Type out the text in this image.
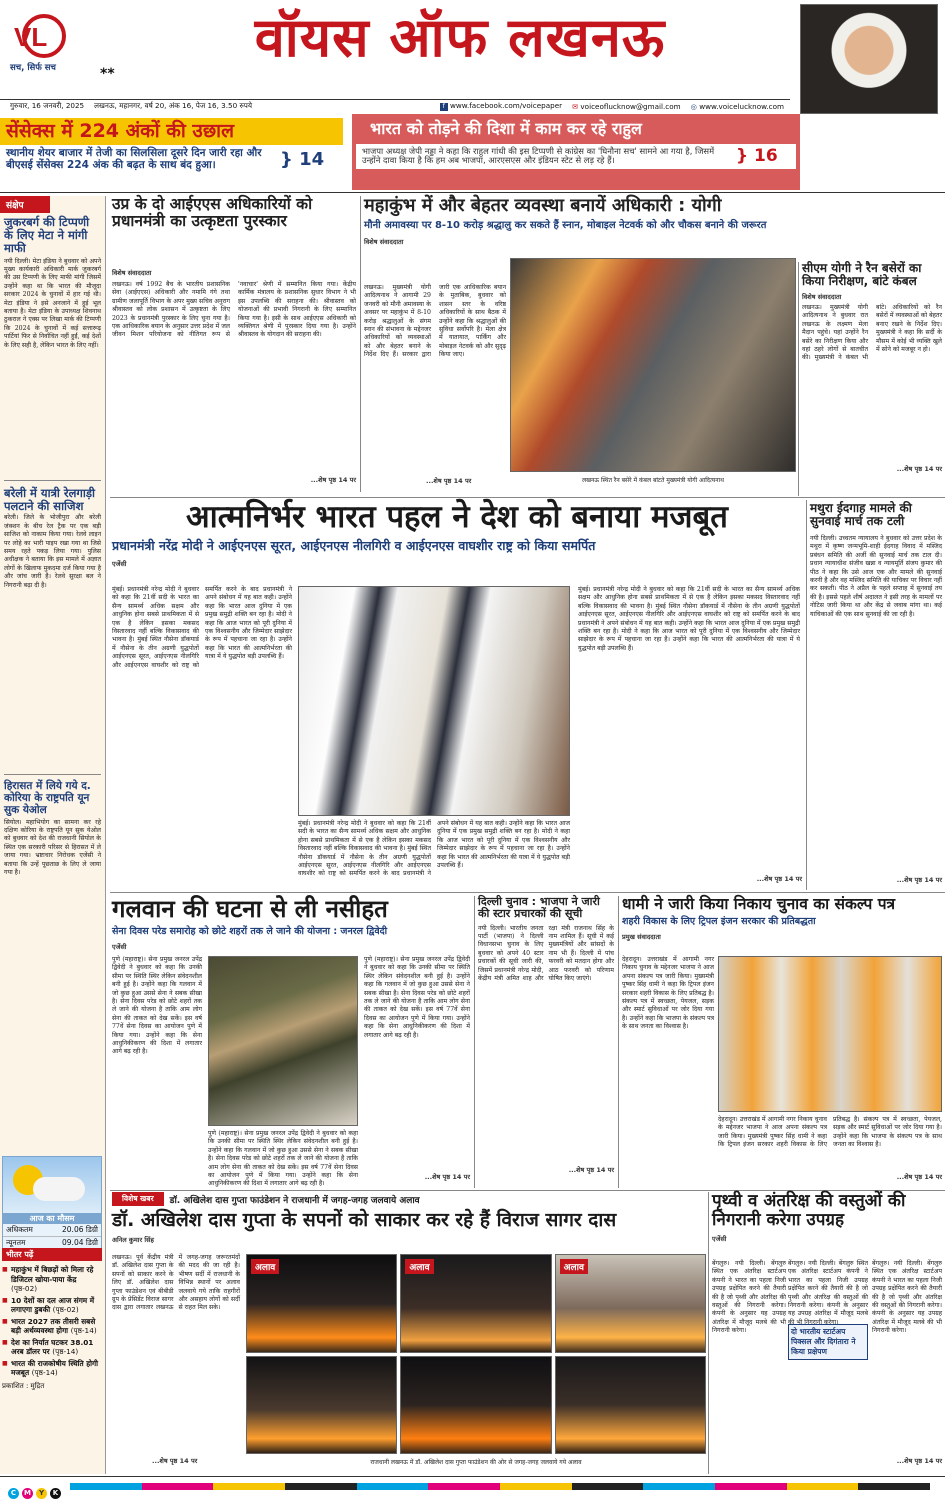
VL
सच, सिर्फ सच	**
वॉयस ऑफ लखनऊ
गुरुवार, 16 जनवरी, 2025 लखनऊ, महानगर, वर्ष 20, अंक 16, पेज 16, 3.50 रुपये	f www.facebook.com/voicepaper ✉ voiceoflucknow@gmail.com ◎ www.voicelucknow.com
सेंसेक्स में 224 अंकों की उछाल
स्थानीय शेयर बाजार में तेजी का सिलसिला दूसरे दिन जारी रहा और बीएसई सेंसेक्स 224 अंक की बढ़त के साथ बंद हुआ।	} 14
भारत को तोड़ने की दिशा में काम कर रहे राहुल
भाजपा अध्यक्ष जेपी नड्डा ने कहा कि राहुल गांधी की इस टिप्पणी से कांग्रेस का 'घिनौना सच' सामने आ गया है, जिसमें उन्होंने दावा किया है कि हम अब भाजपा, आरएसएस और इंडियन स्टेट से लड़ रहे हैं।	} 16
संक्षेप
जुकरबर्ग की टिप्पणी के लिए मेटा ने मांगी माफी
नयी दिल्ली। मेटा इंडिया ने बुधवार को अपने मुख्य कार्यकारी अधिकारी मार्क जुकरबर्ग की उस टिप्पणी के लिए माफी मांगी जिसमें उन्होंने कहा था कि भारत की मौजूदा सरकार 2024 के चुनावों में हार गई थी। मेटा इंडिया ने इसे अनजाने में हुई भूल बताया है। मेटा इंडिया के उपाध्यक्ष शिवनाथ ठुकराल ने एक्स पर लिखा मार्क की टिप्पणी कि 2024 के चुनावों में कई सत्तारूढ़ पार्टियां फिर से निर्वाचित नहीं हुईं, कई देशों के लिए सही है, लेकिन भारत के लिए नहीं।
बरेली में यात्री रेलगाड़ी पलटाने की साजिश
बरेली। जिले के भोजीपुरा और बरेली जंक्शन के बीच रेल ट्रैक पर एक बड़ी साजिश को नाकाम किया गया। रेलवे लाइन पर लोहे का भारी पाइप रखा गया था जिसे समय रहते पकड़ लिया गया। पुलिस अधीक्षक ने बताया कि इस मामले में अज्ञात लोगों के खिलाफ मुकदमा दर्ज किया गया है और जांच जारी है। रेलवे सुरक्षा बल ने निगरानी बढ़ा दी है।
हिरासत में लिये गये द. कोरिया के राष्ट्रपति यून सुक येओल
सियोल। महाभियोग का सामना कर रहे दक्षिण कोरिया के राष्ट्रपति यून सुक येओल को बुधवार को देश की राजधानी सियोल के स्थित एक सरकारी परिसर से हिरासत में ले जाया गया। भ्रष्टाचार निरोधक एजेंसी ने बताया कि उन्हें पूछताछ के लिए ले जाया गया है।
आज का मौसम
अधिकतम	20.06 डिग्री
न्यूनतम	09.04 डिग्री
भीतर पढ़ें
■ महाकुंभ में बिछड़ों को मिला रहे डिजिटल खोया-पाया केंद्र (पृष्ठ-02)
■ 10 देशों का दल आज संगम में लगाएगा डुबकी (पृष्ठ-02)
■ भारत 2027 तक तीसरी सबसे बड़ी अर्थव्यवस्था होगा (पृष्ठ-14)
■ देश का निर्यात घटकर 38.01 अरब डॉलर पर (पृष्ठ-14)
■ भारत की राजकोषीय स्थिति होगी मजबूत (पृष्ठ-14)
प्रकाशित : मुद्रित
उप्र के दो आईएएस अधिकारियों को प्रधानमंत्री का उत्कृष्टता पुरस्कार
विशेष संवाददाता
लखनऊ। वर्ष 1992 बैच के भारतीय प्रशासनिक सेवा (आईएएस) अधिकारी और नमामि गंगे तथा ग्रामीण जलापूर्ति विभाग के अपर मुख्य सचिव अनुराग श्रीवास्तव को लोक प्रशासन में उत्कृष्टता के लिए 2023 के प्रधानमंत्री पुरस्कार के लिए चुना गया है। एक आधिकारिक बयान के अनुसार उत्तर प्रदेश में जल जीवन मिशन परियोजना को नीतिगत रूप से 'नवाचार' श्रेणी में सम्मानित किया गया। केंद्रीय कार्मिक मंत्रालय के प्रशासनिक सुधार विभाग ने भी इस उपलब्धि की सराहना की। श्रीवास्तव को योजनाओं की प्रभावी निगरानी के लिए सम्मानित किया गया है। इसी के साथ आईएएस अधिकारी को व्यक्तिगत श्रेणी में पुरस्कार दिया गया है। उन्होंने श्रीवास्तव के योगदान की सराहना की।
...शेष पृष्ठ 14 पर
महाकुंभ में और बेहतर व्यवस्था बनायें अधिकारी : योगी
मौनी अमावस्या पर 8-10 करोड़ श्रद्धालु कर सकते हैं स्नान, मोबाइल नेटवर्क को और चौकस बनाने की जरूरत
विशेष संवाददाता
लखनऊ। मुख्यमंत्री योगी आदित्यनाथ ने आगामी 29 जनवरी को मौनी अमावस्या के अवसर पर महाकुंभ में 8-10 करोड़ श्रद्धालुओं के संगम स्नान की संभावना के मद्देनजर अधिकारियों को व्यवस्थाओं को और बेहतर बनाने के निर्देश दिए हैं। सरकार द्वारा जारी एक आधिकारिक बयान के मुताबिक, बुधवार को शासन स्तर के वरिष्ठ अधिकारियों के साथ बैठक में उन्होंने कहा कि श्रद्धालुओं की सुविधा सर्वोपरि है। मेला क्षेत्र में यातायात, पार्किंग और मोबाइल नेटवर्क को और सुदृढ़ किया जाए।
...शेष पृष्ठ 14 पर	लखनऊ स्थित रैन बसेरे में कंबल बांटते मुख्यमंत्री योगी आदित्यनाथ
सीएम योगी ने रैन बसेरों का किया निरीक्षण, बांटे कंबल
विशेष संवाददाता
लखनऊ। मुख्यमंत्री योगी आदित्यनाथ ने बुधवार रात लखनऊ के लक्ष्मण मेला मैदान पहुंचे। यहां उन्होंने रैन बसेरे का निरीक्षण किया और वहां ठहरे लोगों से बातचीत की। मुख्यमंत्री ने कंबल भी बांटे। अधिकारियों को रैन बसेरों में व्यवस्थाओं को बेहतर बनाए रखने के निर्देश दिए। मुख्यमंत्री ने कहा कि सर्दी के मौसम में कोई भी व्यक्ति खुले में सोने को मजबूर न हो।
...शेष पृष्ठ 14 पर
आत्मनिर्भर भारत पहल ने देश को बनाया मजबूत
प्रधानमंत्री नरेंद्र मोदी ने आईएनएस सूरत, आईएनएस नीलगिरी व आईएनएस वाघशीर राष्ट्र को किया समर्पित
एजेंसी
मुंबई। प्रधानमंत्री नरेन्द्र मोदी ने बुधवार को कहा कि 21वीं सदी के भारत का सैन्य सामर्थ्य अधिक सक्षम और आधुनिक होना सबसे प्राथमिकता में से एक है लेकिन इसका मकसद विस्तारवाद नहीं बल्कि विकासवाद की भावना है। मुंबई स्थित नौसेना डॉकयार्ड में नौसेना के तीन अग्रणी युद्धपोतों आईएनएस सूरत, आईएनएस नीलगिरि और आईएनएस वाघशीर को राष्ट्र को समर्पित करने के बाद प्रधानमंत्री ने अपने संबोधन में यह बात कही। उन्होंने कहा कि भारत आज दुनिया में एक प्रमुख समुद्री शक्ति बन रहा है। मोदी ने कहा कि आज भारत को पूरी दुनिया में एक विश्वसनीय और जिम्मेदार साझेदार के रूप में पहचाना जा रहा है। उन्होंने कहा कि भारत की आत्मनिर्भरता की यात्रा में ये युद्धपोत बड़ी उपलब्धि हैं।
मुंबई। प्रधानमंत्री नरेन्द्र मोदी ने बुधवार को कहा कि 21वीं सदी के भारत का सैन्य सामर्थ्य अधिक सक्षम और आधुनिक होना सबसे प्राथमिकता में से एक है लेकिन इसका मकसद विस्तारवाद नहीं बल्कि विकासवाद की भावना है। मुंबई स्थित नौसेना डॉकयार्ड में नौसेना के तीन अग्रणी युद्धपोतों आईएनएस सूरत, आईएनएस नीलगिरि और आईएनएस वाघशीर को राष्ट्र को समर्पित करने के बाद प्रधानमंत्री ने अपने संबोधन में यह बात कही। उन्होंने कहा कि भारत आज दुनिया में एक प्रमुख समुद्री शक्ति बन रहा है। मोदी ने कहा कि आज भारत को पूरी दुनिया में एक विश्वसनीय और जिम्मेदार साझेदार के रूप में पहचाना जा रहा है। उन्होंने कहा कि भारत की आत्मनिर्भरता की यात्रा में ये युद्धपोत बड़ी उपलब्धि हैं।
मुंबई। प्रधानमंत्री नरेन्द्र मोदी ने बुधवार को कहा कि 21वीं सदी के भारत का सैन्य सामर्थ्य अधिक सक्षम और आधुनिक होना सबसे प्राथमिकता में से एक है लेकिन इसका मकसद विस्तारवाद नहीं बल्कि विकासवाद की भावना है। मुंबई स्थित नौसेना डॉकयार्ड में नौसेना के तीन अग्रणी युद्धपोतों आईएनएस सूरत, आईएनएस नीलगिरि और आईएनएस वाघशीर को राष्ट्र को समर्पित करने के बाद प्रधानमंत्री ने अपने संबोधन में यह बात कही। उन्होंने कहा कि भारत आज दुनिया में एक प्रमुख समुद्री शक्ति बन रहा है। मोदी ने कहा कि आज भारत को पूरी दुनिया में एक विश्वसनीय और जिम्मेदार साझेदार के रूप में पहचाना जा रहा है। उन्होंने कहा कि भारत की आत्मनिर्भरता की यात्रा में ये युद्धपोत बड़ी उपलब्धि हैं।
...शेष पृष्ठ 14 पर
मथुरा ईदगाह मामले की सुनवाई मार्च तक टली
नयी दिल्ली। उच्चतम न्यायालय ने बुधवार को उत्तर प्रदेश के मथुरा में कृष्ण जन्मभूमि-शाही ईदगाह विवाद में मस्जिद प्रबंधन समिति की अर्जी की सुनवाई मार्च तक टाल दी। प्रधान न्यायाधीश संजीव खन्ना व न्यायमूर्ति संजय कुमार की पीठ ने कहा कि उसे आज एक और मामले की सुनवाई करनी है और वह मस्जिद समिति की याचिका पर विचार नहीं कर सकती। पीठ ने अप्रैल के पहले सप्ताह में सुनवाई तय की है। इससे पहले शीर्ष अदालत ने इसी तरह के मामलों पर नोटिस जारी किया था और केंद्र से जवाब मांगा था। कई याचिकाओं की एक साथ सुनवाई की जा रही है।
...शेष पृष्ठ 14 पर
गलवान की घटना से ली नसीहत
सेना दिवस परेड समारोह को छोटे शहरों तक ले जाने की योजना : जनरल द्विवेदी
एजेंसी
पुणे (महाराष्ट्र)। सेना प्रमुख जनरल उपेंद्र द्विवेदी ने बुधवार को कहा कि उनकी सीमा पर स्थिति स्थिर लेकिन संवेदनशील बनी हुई है। उन्होंने कहा कि गलवान में जो कुछ हुआ उससे सेना ने सबक सीखा है। सेना दिवस परेड को छोटे शहरों तक ले जाने की योजना है ताकि आम लोग सेना की ताकत को देख सकें। इस वर्ष 77वें सेना दिवस का आयोजन पुणे में किया गया। उन्होंने कहा कि सेना आधुनिकीकरण की दिशा में लगातार आगे बढ़ रही है।
पुणे (महाराष्ट्र)। सेना प्रमुख जनरल उपेंद्र द्विवेदी ने बुधवार को कहा कि उनकी सीमा पर स्थिति स्थिर लेकिन संवेदनशील बनी हुई है। उन्होंने कहा कि गलवान में जो कुछ हुआ उससे सेना ने सबक सीखा है। सेना दिवस परेड को छोटे शहरों तक ले जाने की योजना है ताकि आम लोग सेना की ताकत को देख सकें। इस वर्ष 77वें सेना दिवस का आयोजन पुणे में किया गया। उन्होंने कहा कि सेना आधुनिकीकरण की दिशा में लगातार आगे बढ़ रही है।
पुणे (महाराष्ट्र)। सेना प्रमुख जनरल उपेंद्र द्विवेदी ने बुधवार को कहा कि उनकी सीमा पर स्थिति स्थिर लेकिन संवेदनशील बनी हुई है। उन्होंने कहा कि गलवान में जो कुछ हुआ उससे सेना ने सबक सीखा है। सेना दिवस परेड को छोटे शहरों तक ले जाने की योजना है ताकि आम लोग सेना की ताकत को देख सकें। इस वर्ष 77वें सेना दिवस का आयोजन पुणे में किया गया। उन्होंने कहा कि सेना आधुनिकीकरण की दिशा में लगातार आगे बढ़ रही है।
...शेष पृष्ठ 14 पर
दिल्ली चुनाव : भाजपा ने जारी की स्टार प्रचारकों की सूची
नयी दिल्ली। भारतीय जनता पार्टी (भाजपा) ने दिल्ली विधानसभा चुनाव के लिए बुधवार को अपने 40 स्टार प्रचारकों की सूची जारी की, जिसमें प्रधानमंत्री नरेन्द्र मोदी, केंद्रीय मंत्री अमित शाह और रक्षा मंत्री राजनाथ सिंह के नाम शामिल हैं। सूची में कई मुख्यमंत्रियों और सांसदों के नाम भी हैं। दिल्ली में पांच फरवरी को मतदान होगा और आठ फरवरी को परिणाम घोषित किए जाएंगे।
...शेष पृष्ठ 14 पर
धामी ने जारी किया निकाय चुनाव का संकल्प पत्र
शहरी विकास के लिए ट्रिपल इंजन सरकार की प्रतिबद्धता
प्रमुख संवाददाता
देहरादून। उत्तराखंड में आगामी नगर निकाय चुनाव के मद्देनजर भाजपा ने आज अपना संकल्प पत्र जारी किया। मुख्यमंत्री पुष्कर सिंह धामी ने कहा कि ट्रिपल इंजन सरकार शहरी विकास के लिए प्रतिबद्ध है। संकल्प पत्र में स्वच्छता, पेयजल, सड़क और स्मार्ट सुविधाओं पर जोर दिया गया है। उन्होंने कहा कि भाजपा के संकल्प पत्र के साथ जनता का विश्वास है।
देहरादून। उत्तराखंड में आगामी नगर निकाय चुनाव के मद्देनजर भाजपा ने आज अपना संकल्प पत्र जारी किया। मुख्यमंत्री पुष्कर सिंह धामी ने कहा कि ट्रिपल इंजन सरकार शहरी विकास के लिए प्रतिबद्ध है। संकल्प पत्र में स्वच्छता, पेयजल, सड़क और स्मार्ट सुविधाओं पर जोर दिया गया है। उन्होंने कहा कि भाजपा के संकल्प पत्र के साथ जनता का विश्वास है।
...शेष पृष्ठ 14 पर
विशेष खबर	डॉ. अखिलेश दास गुप्ता फाउंडेशन ने राजधानी में जगह-जगह जलवाये अलाव
डॉ. अखिलेश दास गुप्ता के सपनों को साकार कर रहे हैं विराज सागर दास
अनिल कुमार सिंह
लखनऊ। पूर्व केंद्रीय मंत्री डॉ. अखिलेश दास गुप्ता के सपनों को साकार करने के लिए डॉ. अखिलेश दास गुप्ता फाउंडेशन एवं बीबीडी ग्रुप के प्रेसिडेंट विराज सागर दास द्वारा लगातार लखनऊ में जगह-जगह जरूरतमंदों की मदद की जा रही है। भीषण सर्दी में राजधानी के विभिन्न स्थानों पर अलाव जलवाये गये ताकि राहगीरों और असहाय लोगों को सर्दी से राहत मिल सके।
...शेष पृष्ठ 14 पर
अलाव	अलाव	अलाव
राजधानी लखनऊ में डॉ. अखिलेश दास गुप्ता फाउंडेशन की ओर से जगह-जगह जलवाये गये अलाव
पृथ्वी व अंतरिक्ष की वस्तुओं की निगरानी करेगा उपग्रह
एजेंसी
बेंगलुरु। नयी दिल्ली। बेंगलुरु स्थित एक अंतरिक्ष स्टार्टअप कंपनी ने भारत का पहला निजी उपग्रह प्रक्षेपित करने की तैयारी की है जो पृथ्वी और अंतरिक्ष की वस्तुओं की निगरानी करेगा। कंपनी के अनुसार यह उपग्रह अंतरिक्ष में मौजूद मलबे की भी निगरानी करेगा।	दो भारतीय स्टार्टअप पिक्सल और दिगंतारा ने किया प्रक्षेपण
बेंगलुरु। नयी दिल्ली। बेंगलुरु स्थित एक अंतरिक्ष स्टार्टअप कंपनी ने भारत का पहला निजी उपग्रह प्रक्षेपित करने की तैयारी की है जो पृथ्वी और अंतरिक्ष की वस्तुओं की निगरानी करेगा। कंपनी के अनुसार यह उपग्रह अंतरिक्ष में मौजूद मलबे की भी निगरानी करेगा।
बेंगलुरु। नयी दिल्ली। बेंगलुरु स्थित एक अंतरिक्ष स्टार्टअप कंपनी ने भारत का पहला निजी उपग्रह प्रक्षेपित करने की तैयारी की है जो पृथ्वी और अंतरिक्ष की वस्तुओं की निगरानी करेगा। कंपनी के अनुसार यह उपग्रह अंतरिक्ष में मौजूद मलबे की भी निगरानी करेगा।
...शेष पृष्ठ 14 पर
C M Y K
